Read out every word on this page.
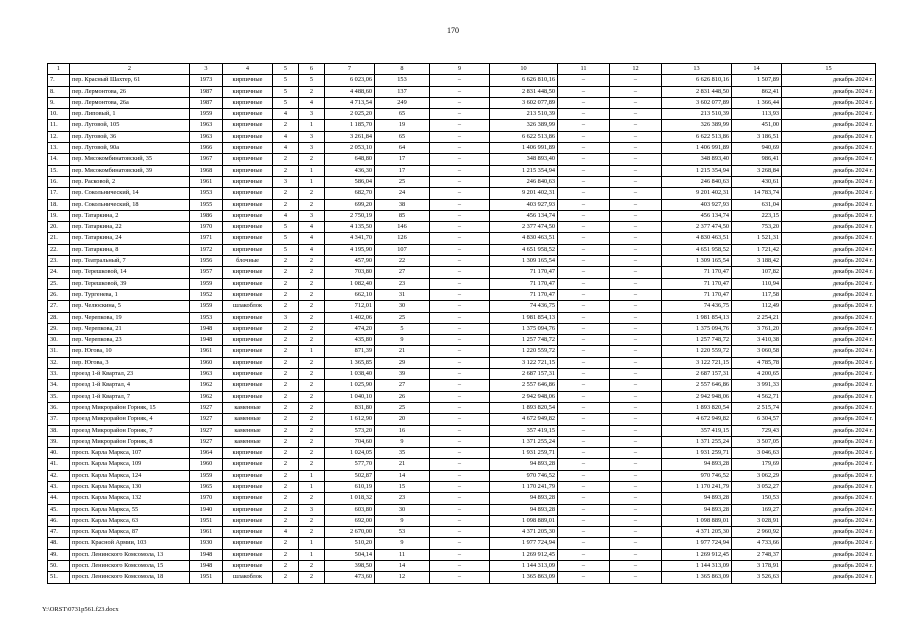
170
1	2	3	4	5	6	7	8	9	10	11	12	13	14	15
7.	пер. Красный Шахтер, 61	1973	кирпичные	5	5	6 023,06	153	–	6 626 810,16	–	–	6 626 810,16	1 507,89	декабрь 2024 г.
8.	пер. Лермонтова, 26	1987	кирпичные	5	2	4 488,60	137	–	2 831 448,50	–	–	2 831 448,50	862,41	декабрь 2024 г.
9.	пер. Лермонтова, 26а	1987	кирпичные	5	4	4 713,54	249	–	3 602 077,89	–	–	3 602 077,89	1 366,44	декабрь 2024 г.
10.	пер. Липовый, 1	1959	кирпичные	4	3	2 025,20	65	–	213 510,39	–	–	213 510,39	113,93	декабрь 2024 г.
11.	пер. Луговой, 105	1963	кирпичные	2	1	1 185,70	19	–	326 389,99	–	–	326 389,99	451,00	декабрь 2024 г.
12.	пер. Луговой, 36	1963	кирпичные	4	3	3 261,84	65	–	6 622 513,86	–	–	6 622 513,86	3 186,51	декабрь 2024 г.
13.	пер. Луговой, 90а	1966	кирпичные	4	3	2 053,10	64	–	1 406 991,89	–	–	1 406 991,89	940,69	декабрь 2024 г.
14.	пер. Мясокомбинатовский, 35	1967	кирпичные	2	2	648,80	17	–	348 893,40	–	–	348 893,40	986,41	декабрь 2024 г.
15.	пер. Мясокомбинатовский, 39	1968	кирпичные	2	1	436,30	17	–	1 215 354,94	–	–	1 215 354,94	3 268,84	декабрь 2024 г.
16.	пер. Расковой, 2	1961	кирпичные	3	1	586,04	25	–	246 840,63	–	–	246 840,63	430,61	декабрь 2024 г.
17.	пер. Сокольнический, 14	1953	кирпичные	2	2	682,70	24	–	9 201 402,31	–	–	9 201 402,31	14 783,74	декабрь 2024 г.
18.	пер. Сокольнический, 18	1955	кирпичные	2	2	699,20	38	–	403 927,93	–	–	403 927,93	631,04	декабрь 2024 г.
19.	пер. Татаркина, 2	1986	кирпичные	4	3	2 750,19	85	–	456 134,74	–	–	456 134,74	223,15	декабрь 2024 г.
20.	пер. Татаркина, 22	1970	кирпичные	5	4	4 135,50	146	–	2 377 474,50	–	–	2 377 474,50	753,20	декабрь 2024 г.
21.	пер. Татаркина, 24	1971	кирпичные	5	4	4 341,70	126	–	4 830 463,51	–	–	4 830 463,51	1 521,31	декабрь 2024 г.
22.	пер. Татаркина, 8	1972	кирпичные	5	4	4 195,90	107	–	4 651 958,52	–	–	4 651 958,52	1 721,42	декабрь 2024 г.
23.	пер. Театральный, 7	1956	блочные	2	2	457,90	22	–	1 309 165,54	–	–	1 309 165,54	3 188,42	декабрь 2024 г.
24.	пер. Терешковой, 14	1957	кирпичные	2	2	703,80	27	–	71 170,47	–	–	71 170,47	107,82	декабрь 2024 г.
25.	пер. Терешковой, 39	1959	кирпичные	2	2	1 082,40	23	–	71 170,47	–	–	71 170,47	110,94	декабрь 2024 г.
26.	пер. Тургенева, 1	1952	кирпичные	2	2	662,10	31	–	71 170,47	–	–	71 170,47	117,58	декабрь 2024 г.
27.	пер. Челюскина, 5	1959	шлакоблок	2	2	712,01	30	–	74 436,75	–	–	74 436,75	112,49	декабрь 2024 г.
28.	пер. Черепкова, 19	1953	кирпичные	3	2	1 402,06	25	–	1 981 854,13	–	–	1 981 854,13	2 254,21	декабрь 2024 г.
29.	пер. Черепкова, 21	1948	кирпичные	2	2	474,20	5	–	1 375 094,76	–	–	1 375 094,76	3 761,20	декабрь 2024 г.
30.	пер. Черепкова, 23	1948	кирпичные	2	2	435,80	9	–	1 257 748,72	–	–	1 257 748,72	3 410,38	декабрь 2024 г.
31.	пер. Югова, 10	1961	кирпичные	2	1	871,39	21	–	1 220 559,72	–	–	1 220 559,72	3 060,58	декабрь 2024 г.
32.	пер. Югова, 3	1960	кирпичные	2	2	1 365,85	29	–	3 122 721,15	–	–	3 122 721,15	4 785,78	декабрь 2024 г.
33.	проезд 1-й Квартал, 23	1963	кирпичные	2	2	1 038,40	39	–	2 687 157,31	–	–	2 687 157,31	4 200,65	декабрь 2024 г.
34.	проезд 1-й Квартал, 4	1962	кирпичные	2	2	1 025,90	27	–	2 557 646,86	–	–	2 557 646,86	3 991,33	декабрь 2024 г.
35.	проезд 1-й Квартал, 7	1962	кирпичные	2	2	1 040,10	26	–	2 942 948,06	–	–	2 942 948,06	4 562,71	декабрь 2024 г.
36.	проезд Микрорайон Горняк, 15	1927	каменные	2	2	831,80	25	–	1 893 820,54	–	–	1 893 820,54	2 515,74	декабрь 2024 г.
37.	проезд Микрорайон Горняк, 4	1927	каменные	2	2	1 612,90	20	–	4 672 949,82	–	–	4 672 949,82	6 304,57	декабрь 2024 г.
38.	проезд Микрорайон Горняк, 7	1927	каменные	2	2	573,20	16	–	357 419,15	–	–	357 419,15	729,43	декабрь 2024 г.
39.	проезд Микрорайон Горняк, 8	1927	каменные	2	2	704,60	9	–	1 371 255,24	–	–	1 371 255,24	3 507,05	декабрь 2024 г.
40.	просп. Карла Маркса, 107	1964	кирпичные	2	2	1 024,05	35	–	1 931 259,71	–	–	1 931 259,71	3 046,63	декабрь 2024 г.
41.	просп. Карла Маркса, 109	1960	кирпичные	2	2	577,70	21	–	94 893,28	–	–	94 893,28	179,69	декабрь 2024 г.
42.	просп. Карла Маркса, 124	1959	кирпичные	2	1	502,87	14	–	970 746,52	–	–	970 746,52	3 062,29	декабрь 2024 г.
43.	просп. Карла Маркса, 130	1965	кирпичные	2	1	610,19	15	–	1 170 241,79	–	–	1 170 241,79	3 052,27	декабрь 2024 г.
44.	просп. Карла Маркса, 132	1970	кирпичные	2	2	1 018,32	23	–	94 893,28	–	–	94 893,28	150,53	декабрь 2024 г.
45.	просп. Карла Маркса, 55	1940	кирпичные	2	3	603,80	30	–	94 893,28	–	–	94 893,28	169,27	декабрь 2024 г.
46.	просп. Карла Маркса, 63	1951	кирпичные	2	2	692,00	9	–	1 098 889,01	–	–	1 098 889,01	3 028,91	декабрь 2024 г.
47.	просп. Карла Маркса, 87	1961	кирпичные	4	2	2 670,00	53	–	4 371 205,30	–	–	4 371 205,30	2 960,92	декабрь 2024 г.
48.	просп. Красной Армии, 103	1930	кирпичные	2	1	510,20	9	–	1 977 724,94	–	–	1 977 724,94	4 733,66	декабрь 2024 г.
49.	просп. Ленинского Комсомола, 13	1948	кирпичные	2	1	504,14	11	–	1 269 912,45	–	–	1 269 912,45	2 748,37	декабрь 2024 г.
50.	просп. Ленинского Комсомола, 15	1948	кирпичные	2	2	398,50	14	–	1 144 313,09	–	–	1 144 313,09	3 178,91	декабрь 2024 г.
51.	просп. Ленинского Комсомола, 18	1951	шлакоблок	2	2	473,60	12	–	1 365 863,09	–	–	1 365 863,09	3 526,63	декабрь 2024 г.
Y:\ORST\0731p561.f23.docx
